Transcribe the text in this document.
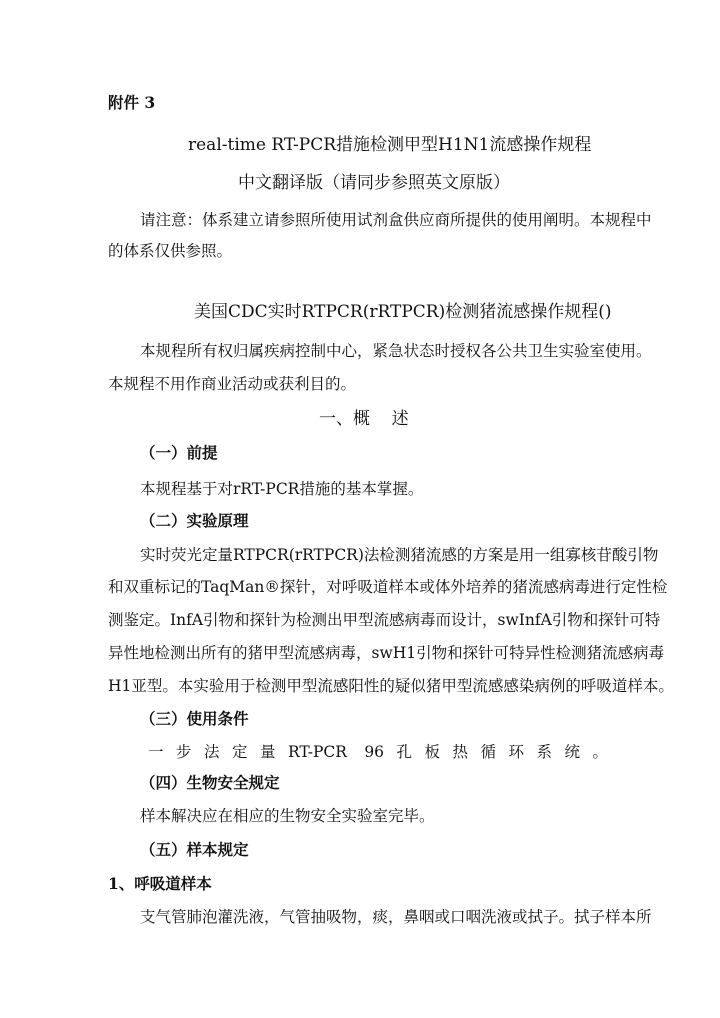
附件 3
real-time RT-PCR措施检测甲型H1N1流感操作规程
中文翻译版（请同步参照英文原版）
请注意：体系建立请参照所使用试剂盒供应商所提供的使用阐明。本规程中
的体系仅供参照。
美国CDC实时RTPCR(rRTPCR)检测猪流感操作规程()
本规程所有权归属疾病控制中心，紧急状态时授权各公共卫生实验室使用。
本规程不用作商业活动或获利目的。
一、概    述
（一）前提
本规程基于对rRT-PCR措施的基本掌握。
（二）实验原理
实时荧光定量RTPCR(rRTPCR)法检测猪流感的方案是用一组寡核苷酸引物
和双重标记的TaqMan®探针，对呼吸道样本或体外培养的猪流感病毒进行定性检
测鉴定。InfA引物和探针为检测出甲型流感病毒而设计，swInfA引物和探针可特
异性地检测出所有的猪甲型流感病毒，swH1引物和探针可特异性检测猪流感病毒
H1亚型。本实验用于检测甲型流感阳性的疑似猪甲型流感感染病例的呼吸道样本。
（三）使用条件
一步法定量RT-PCR 96孔板热循环系统。
（四）生物安全规定
样本解决应在相应的生物安全实验室完毕。
（五）样本规定
1、呼吸道样本
支气管肺泡灌洗液，气管抽吸物，痰，鼻咽或口咽洗液或拭子。拭子样本所
